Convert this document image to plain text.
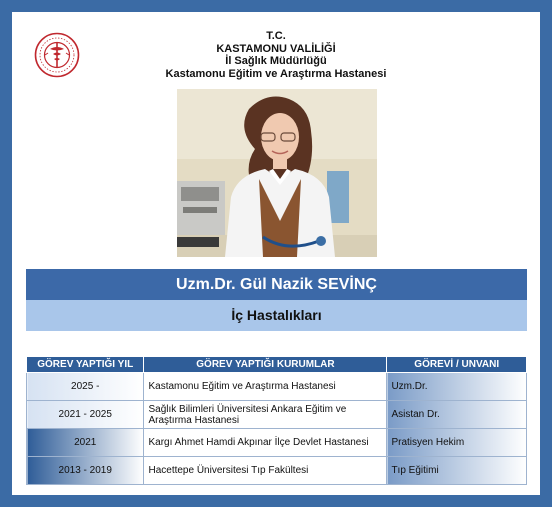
T.C.
KASTAMONU VALİLİĞİ
İl Sağlık Müdürlüğü
Kastamonu Eğitim ve Araştırma Hastanesi
Uzm.Dr. Gül Nazik SEVİNÇ
İç Hastalıkları
GÖREV YAPTIĞI YIL	GÖREV YAPTIĞI KURUMLAR	GÖREVİ / UNVANI
2025 -	Kastamonu Eğitim ve Araştırma Hastanesi	Uzm.Dr.
2021 - 2025	Sağlık Bilimleri Üniversitesi Ankara Eğitim ve Araştırma Hastanesi	Asistan Dr.
2021	Kargı Ahmet Hamdi Akpınar İlçe Devlet Hastanesi	Pratisyen Hekim
2013 - 2019	Hacettepe Üniversitesi Tıp Fakültesi	Tıp Eğitimi
